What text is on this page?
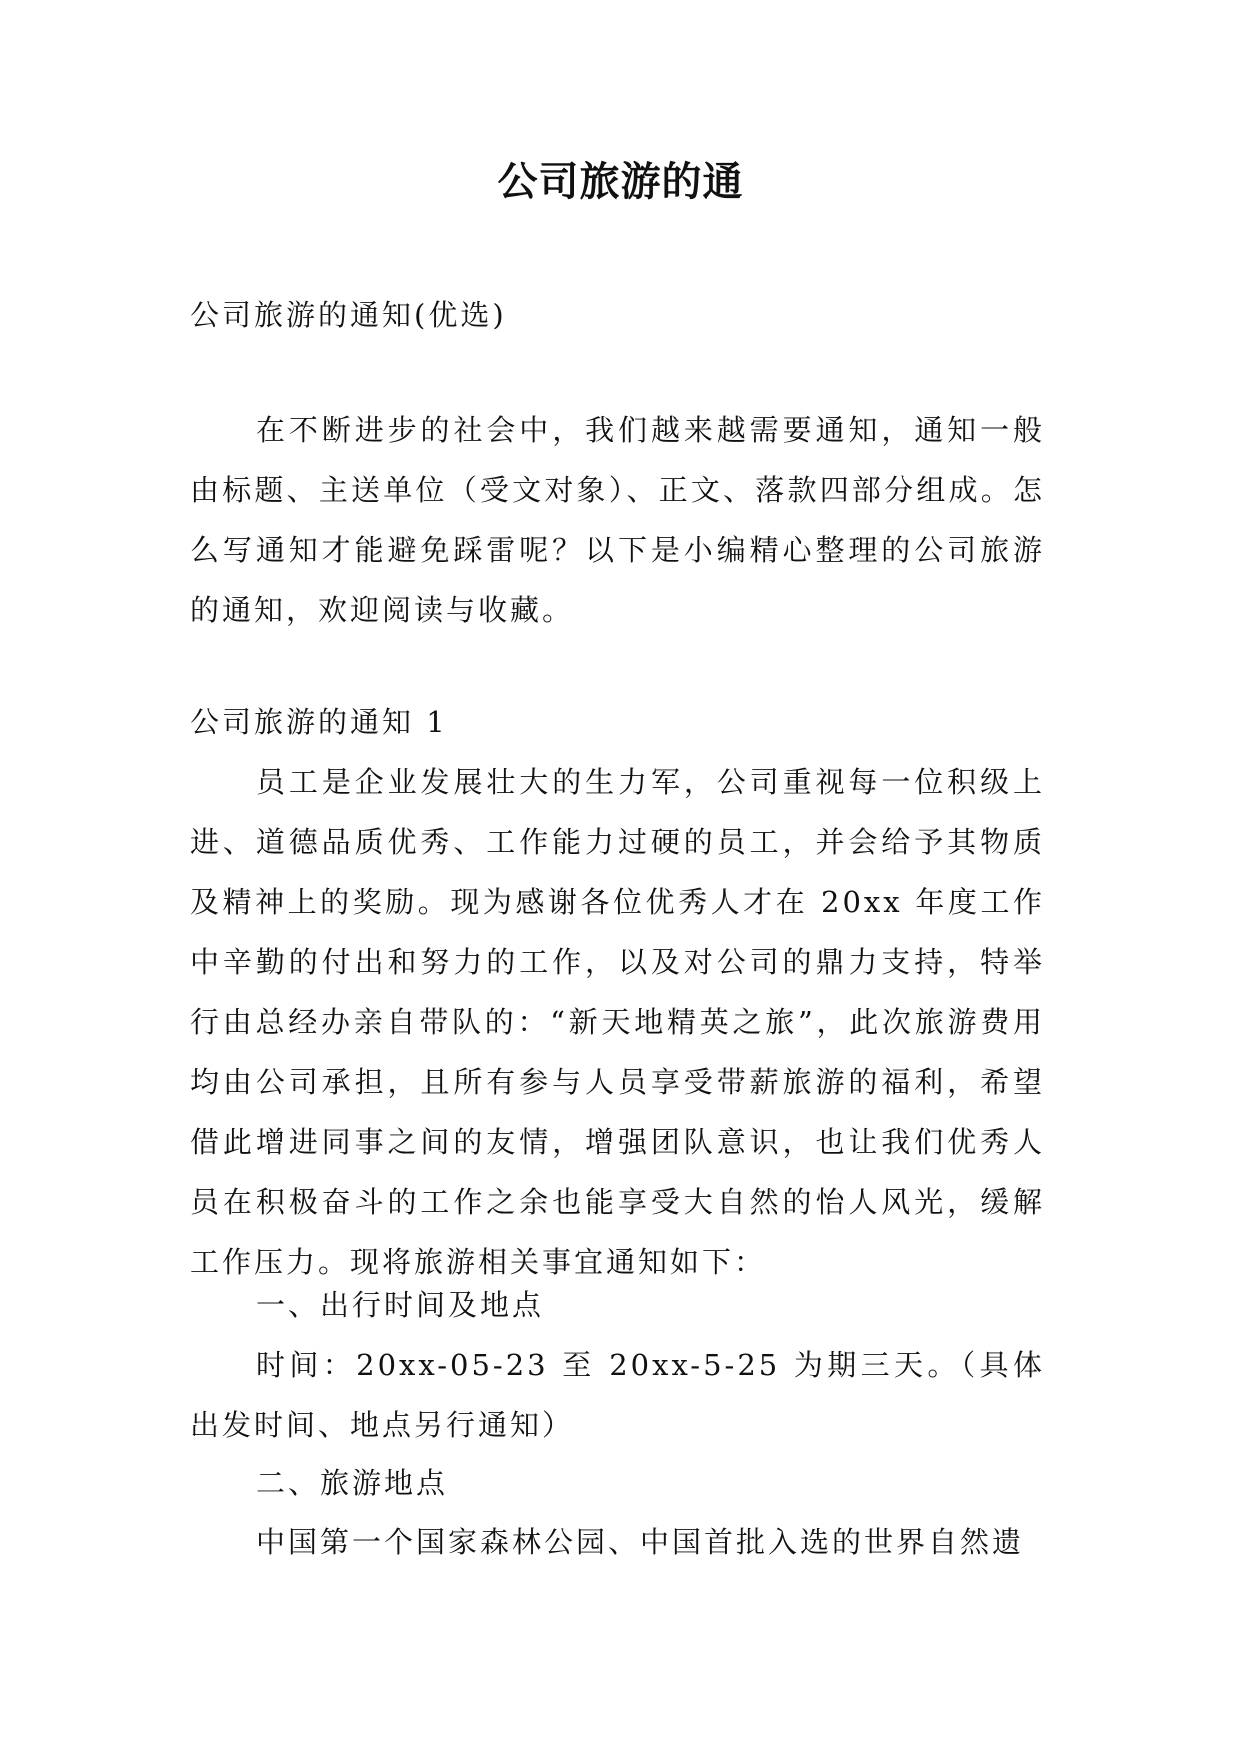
公司旅游的通

公司旅游的通知(优选)

在不断进步的社会中，我们越来越需要通知，通知一般由标题、主送单位（受文对象）、正文、落款四部分组成。怎么写通知才能避免踩雷呢？以下是小编精心整理的公司旅游的通知，欢迎阅读与收藏。

公司旅游的通知 1

员工是企业发展壮大的生力军，公司重视每一位积级上进、道德品质优秀、工作能力过硬的员工，并会给予其物质及精神上的奖励。现为感谢各位优秀人才在 20xx 年度工作中辛勤的付出和努力的工作，以及对公司的鼎力支持，特举行由总经办亲自带队的：“新天地精英之旅”，此次旅游费用均由公司承担，且所有参与人员享受带薪旅游的福利，希望借此增进同事之间的友情，增强团队意识，也让我们优秀人员在积极奋斗的工作之余也能享受大自然的怡人风光，缓解工作压力。现将旅游相关事宜通知如下：

一、出行时间及地点

时间：20xx-05-23 至 20xx-5-25 为期三天。（具体出发时间、地点另行通知）

二、旅游地点

中国第一个国家森林公园、中国首批入选的世界自然遗
